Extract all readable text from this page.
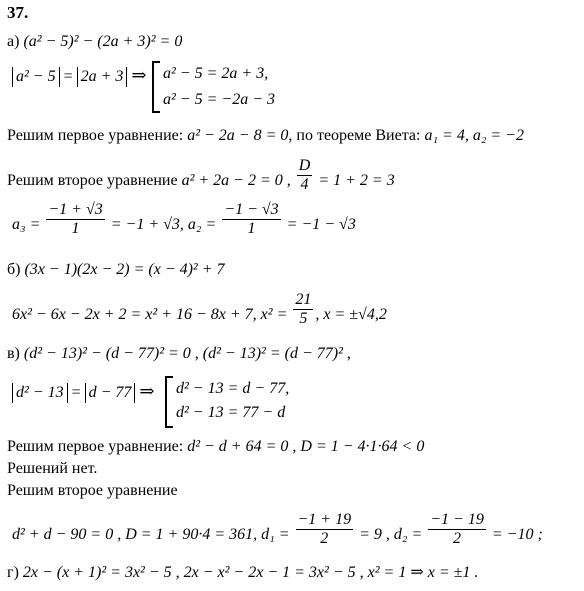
37.
а) (a² − 5)² − (2a + 3)² = 0
a² − 5 = 2a + 3 ⇒ a² − 5 = 2a + 3,
a² − 5 = −2a − 3
Решим первое уравнение: a² − 2a − 8 = 0, по теореме Виета: a₁ = 4, a₂ = −2
Решим второе уравнение a² + 2a − 2 = 0 , $\frac{D}{4} = 1 + 2 = 3$
$a_3 = \frac{-1 + √3}{1} = -1 + √3$, $a_2 = \frac{-1 - √3}{1} = -1 - √3$
б) (3x − 1)(2x − 2) = (x − 4)² + 7
6x² − 6x − 2x + 2 = x² + 16 − 8x + 7, $x^2 = \frac{21}{5}$ , x = ±√4,2
в) (d² − 13)² − (d − 77)² = 0 , (d² − 13)² = (d − 77)² ,
d² − 13 = d − 77 ⇒ d² − 13 = d − 77,
d² − 13 = 77 − d
Решим первое уравнение: d² − d + 64 = 0 , D = 1 − 4·1·64 < 0
Решений нет.
Решим второе уравнение
d² + d − 90 = 0 , D = 1 + 90·4 = 361, $d_1 = \frac{-1 + 19}{2} = 9$ , $d_2 = \frac{-1 - 19}{2} = -10$ ;
г) 2x − (x + 1)² = 3x² − 5 , 2x − x² − 2x − 1 = 3x² − 5 , x² = 1 ⇒ x = ±1 .
